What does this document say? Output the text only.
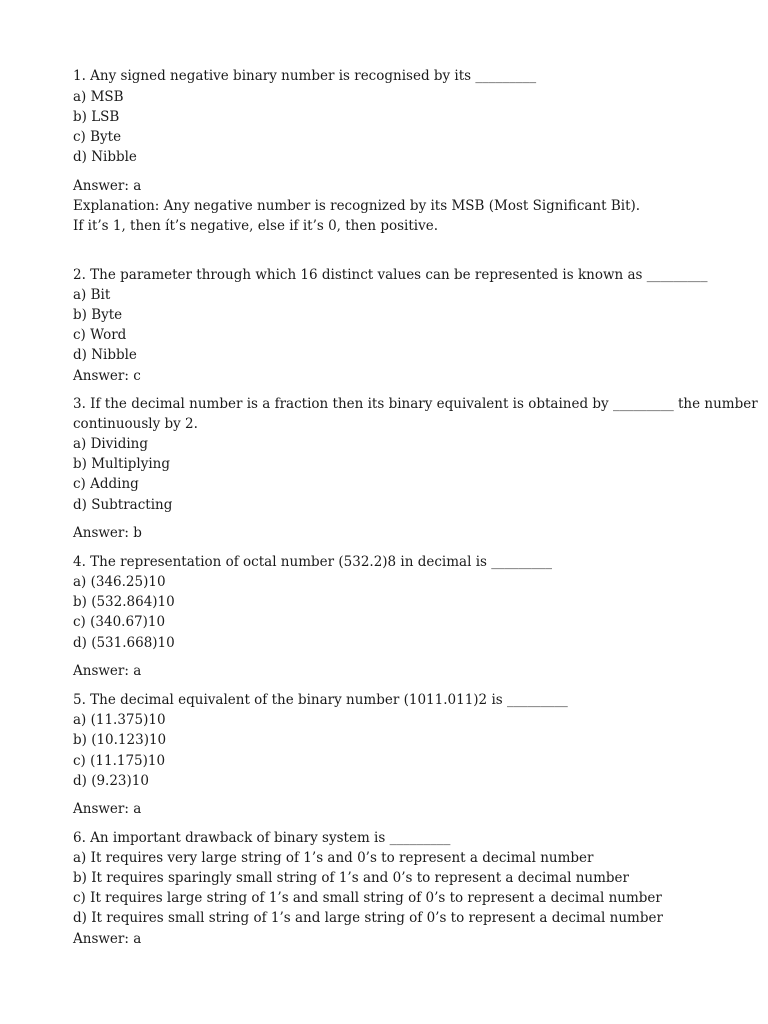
1. Any signed negative binary number is recognised by its _________
a) MSB
b) LSB
c) Byte
d) Nibble
Answer: a
Explanation: Any negative number is recognized by its MSB (Most Significant Bit).
If it’s 1, then ít’s negative, else if it’s 0, then positive.
2. The parameter through which 16 distinct values can be represented is known as _________
a) Bit
b) Byte
c) Word
d) Nibble
Answer: c
3. If the decimal number is a fraction then its binary equivalent is obtained by _________ the number
continuously by 2.
a) Dividing
b) Multiplying
c) Adding
d) Subtracting
Answer: b
4. The representation of octal number (532.2)8 in decimal is _________
a) (346.25)10
b) (532.864)10
c) (340.67)10
d) (531.668)10
Answer: a
5. The decimal equivalent of the binary number (1011.011)2 is _________
a) (11.375)10
b) (10.123)10
c) (11.175)10
d) (9.23)10
Answer: a
6. An important drawback of binary system is _________
a) It requires very large string of 1’s and 0’s to represent a decimal number
b) It requires sparingly small string of 1’s and 0’s to represent a decimal number
c) It requires large string of 1’s and small string of 0’s to represent a decimal number
d) It requires small string of 1’s and large string of 0’s to represent a decimal number
Answer: a
